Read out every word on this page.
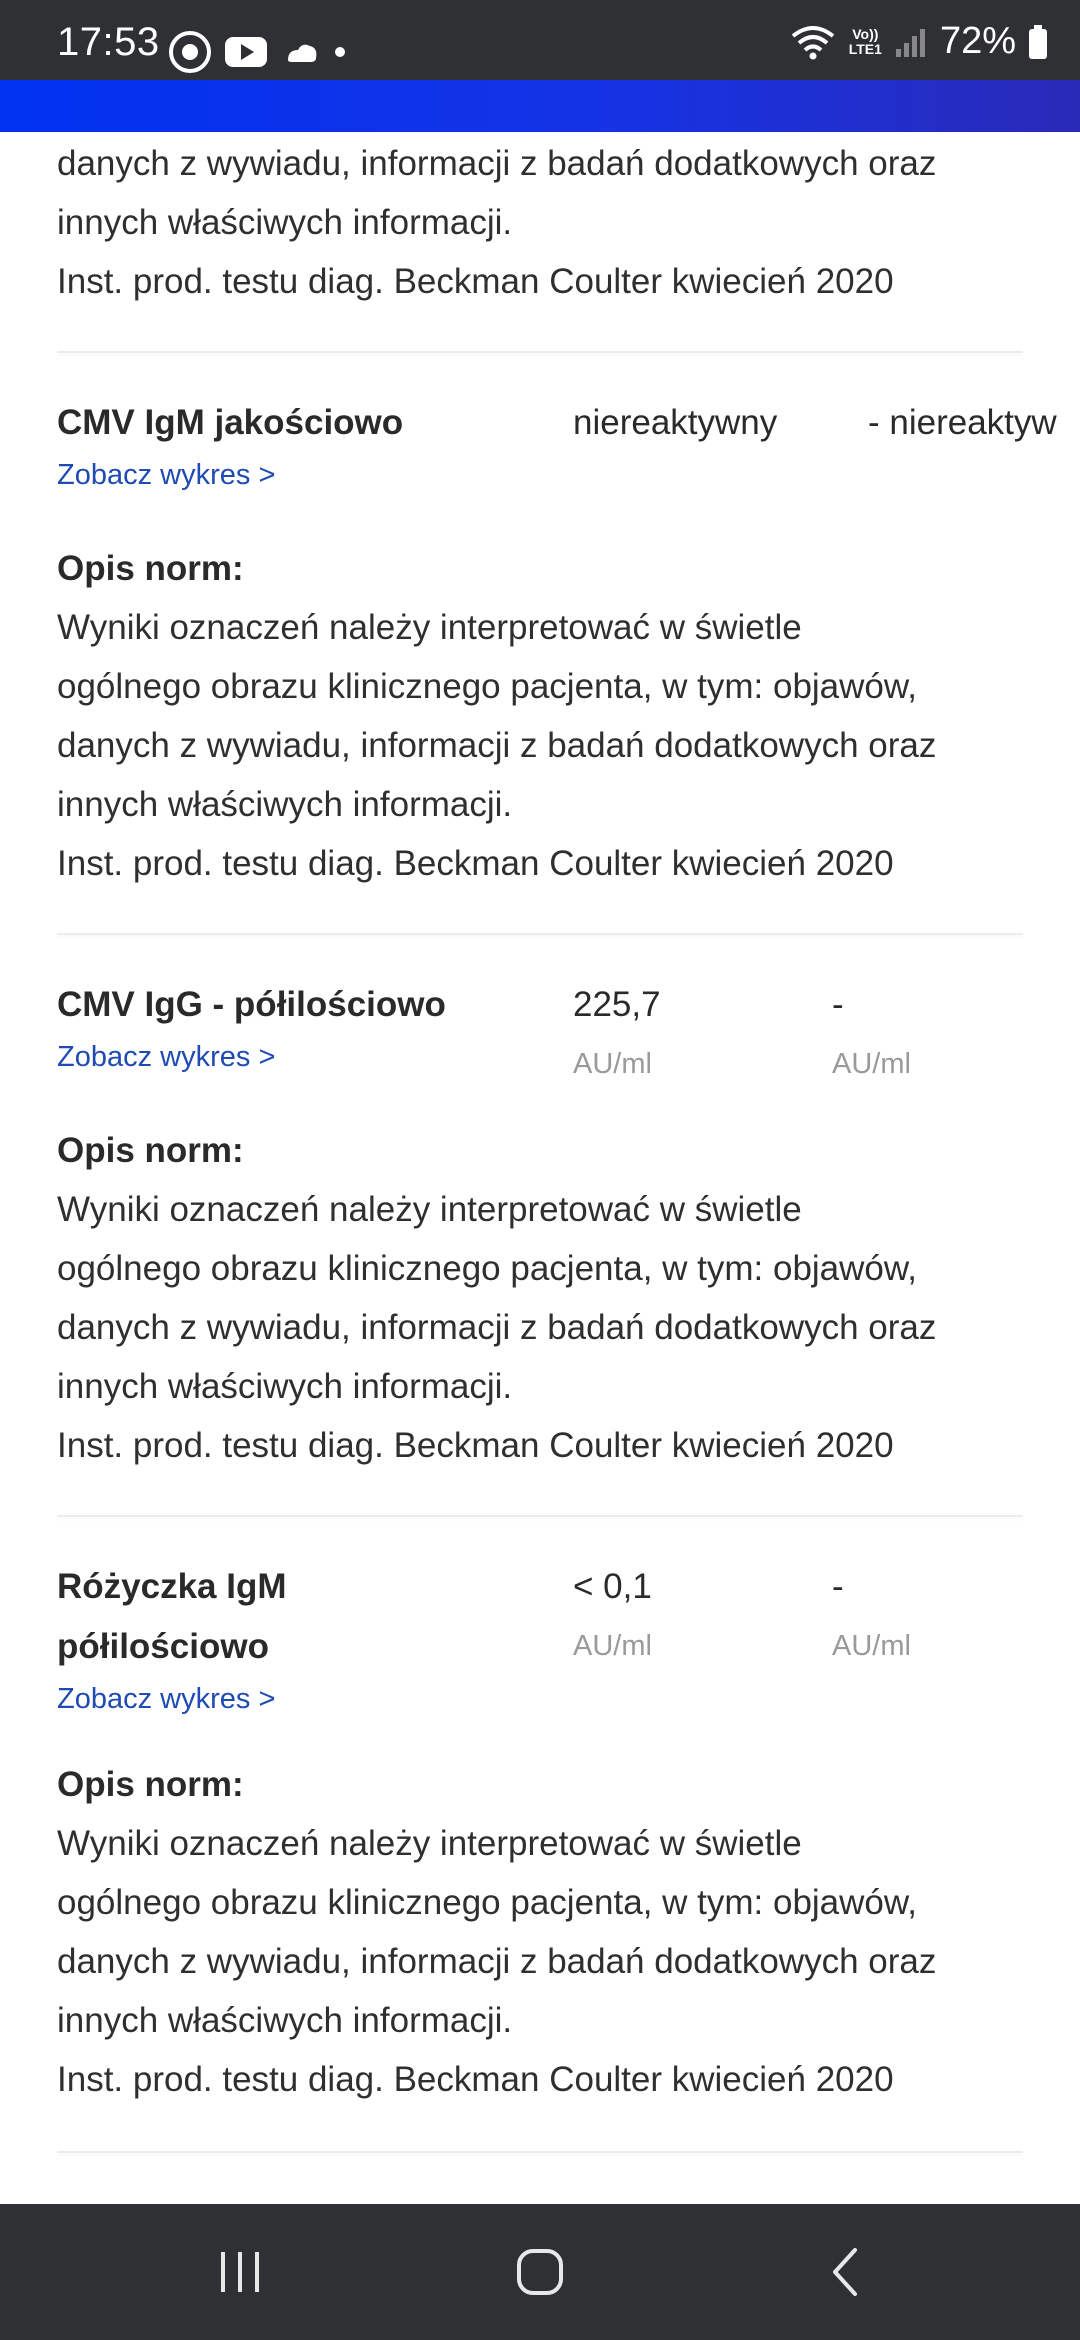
17:53	Vo))
LTE1 72%

danych z wywiadu, informacji z badań dodatkowych oraz

innych właściwych informacji.

Inst. prod. testu diag. Beckman Coulter kwiecień 2020

CMV IgM jakościowo	niereaktywny	- niereaktyw
Zobacz wykres >

Opis norm:

Wyniki oznaczeń należy interpretować w świetle

ogólnego obrazu klinicznego pacjenta, w tym: objawów,

danych z wywiadu, informacji z badań dodatkowych oraz

innych właściwych informacji.

Inst. prod. testu diag. Beckman Coulter kwiecień 2020

CMV IgG - półilościowo	225,7	-
Zobacz wykres >	AU/ml	AU/ml

Opis norm:

Wyniki oznaczeń należy interpretować w świetle

ogólnego obrazu klinicznego pacjenta, w tym: objawów,

danych z wywiadu, informacji z badań dodatkowych oraz

innych właściwych informacji.

Inst. prod. testu diag. Beckman Coulter kwiecień 2020

Różyczka IgM	< 0,1	-
półilościowo	AU/ml	AU/ml
Zobacz wykres >

Opis norm:

Wyniki oznaczeń należy interpretować w świetle

ogólnego obrazu klinicznego pacjenta, w tym: objawów,

danych z wywiadu, informacji z badań dodatkowych oraz

innych właściwych informacji.

Inst. prod. testu diag. Beckman Coulter kwiecień 2020
